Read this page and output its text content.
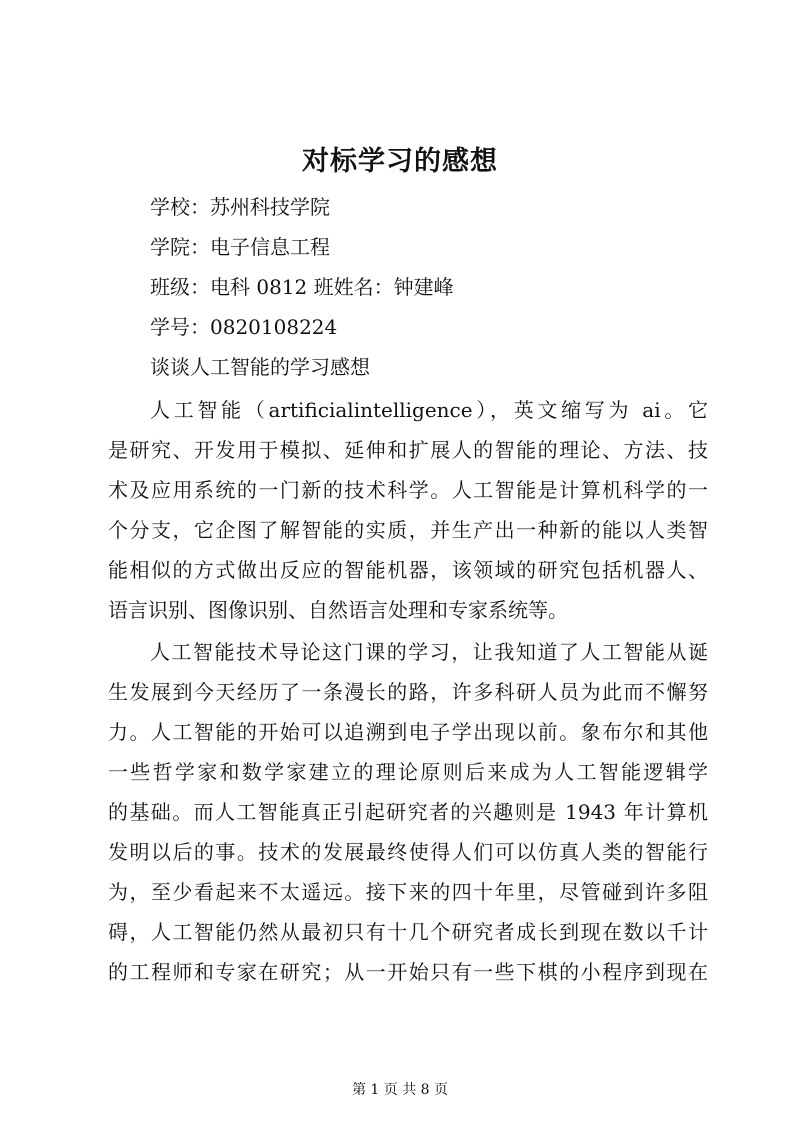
对标学习的感想
学校：苏州科技学院
学院：电子信息工程
班级：电科 0812 班姓名：钟建峰
学号：0820108224
谈谈人工智能的学习感想
人工智能（artificialintelligence），英文缩写为 ai。它
是研究、开发用于模拟、延伸和扩展人的智能的理论、方法、技
术及应用系统的一门新的技术科学。人工智能是计算机科学的一
个分支，它企图了解智能的实质，并生产出一种新的能以人类智
能相似的方式做出反应的智能机器，该领域的研究包括机器人、
语言识别、图像识别、自然语言处理和专家系统等。
人工智能技术导论这门课的学习，让我知道了人工智能从诞
生发展到今天经历了一条漫长的路，许多科研人员为此而不懈努
力。人工智能的开始可以追溯到电子学出现以前。象布尔和其他
一些哲学家和数学家建立的理论原则后来成为人工智能逻辑学
的基础。而人工智能真正引起研究者的兴趣则是 1943 年计算机
发明以后的事。技术的发展最终使得人们可以仿真人类的智能行
为，至少看起来不太遥远。接下来的四十年里，尽管碰到许多阻
碍，人工智能仍然从最初只有十几个研究者成长到现在数以千计
的工程师和专家在研究；从一开始只有一些下棋的小程序到现在
第 1 页 共 8 页
